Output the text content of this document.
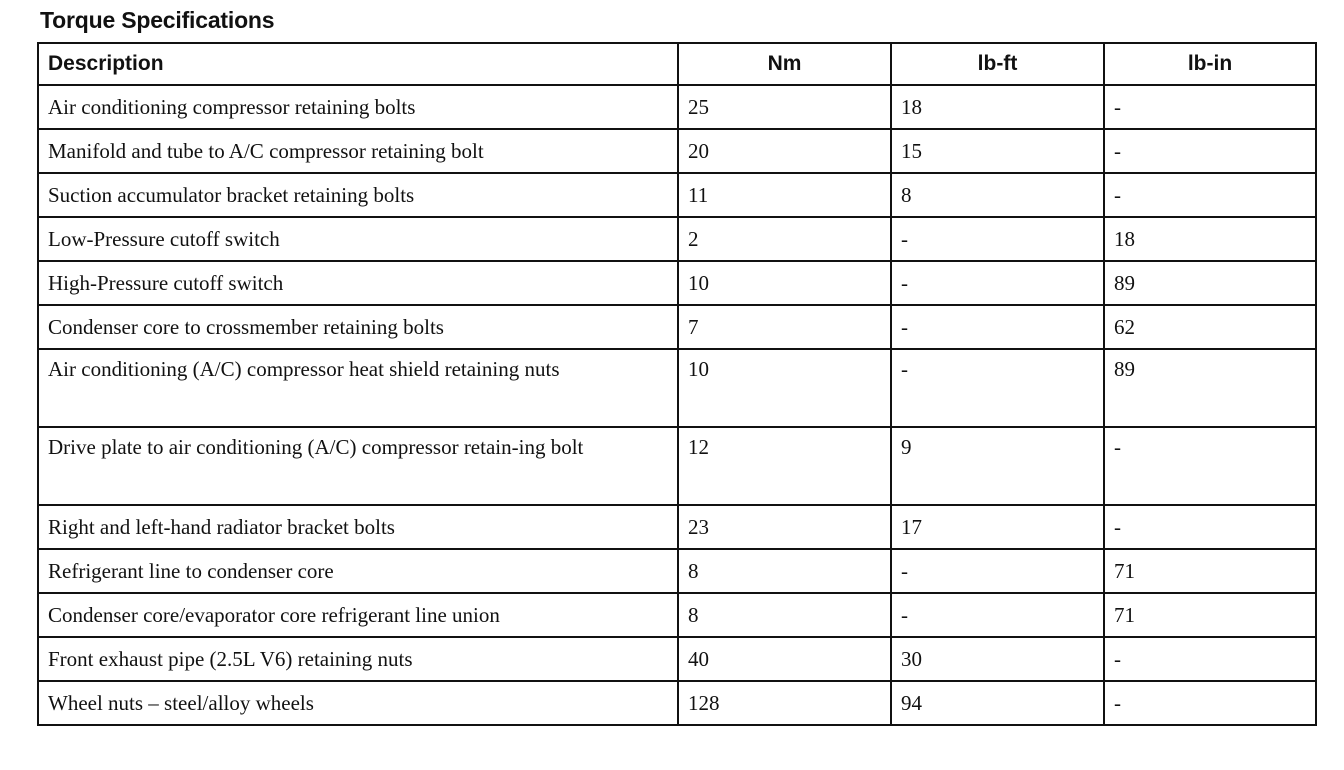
Torque Specifications
Description	Nm	lb-ft	lb-in
Air conditioning compressor retaining bolts	25	18	-
Manifold and tube to A/C compressor retaining bolt	20	15	-
Suction accumulator bracket retaining bolts	11	8	-
Low-Pressure cutoff switch	2	-	18
High-Pressure cutoff switch	10	-	89
Condenser core to crossmember retaining bolts	7	-	62
Air conditioning (A/C) compressor heat shield retaining nuts	10	-	89
Drive plate to air conditioning (A/C) compressor retain-ing bolt	12	9	-
Right and left-hand radiator bracket bolts	23	17	-
Refrigerant line to condenser core	8	-	71
Condenser core/evaporator core refrigerant line union	8	-	71
Front exhaust pipe (2.5L V6) retaining nuts	40	30	-
Wheel nuts – steel/alloy wheels	128	94	-
